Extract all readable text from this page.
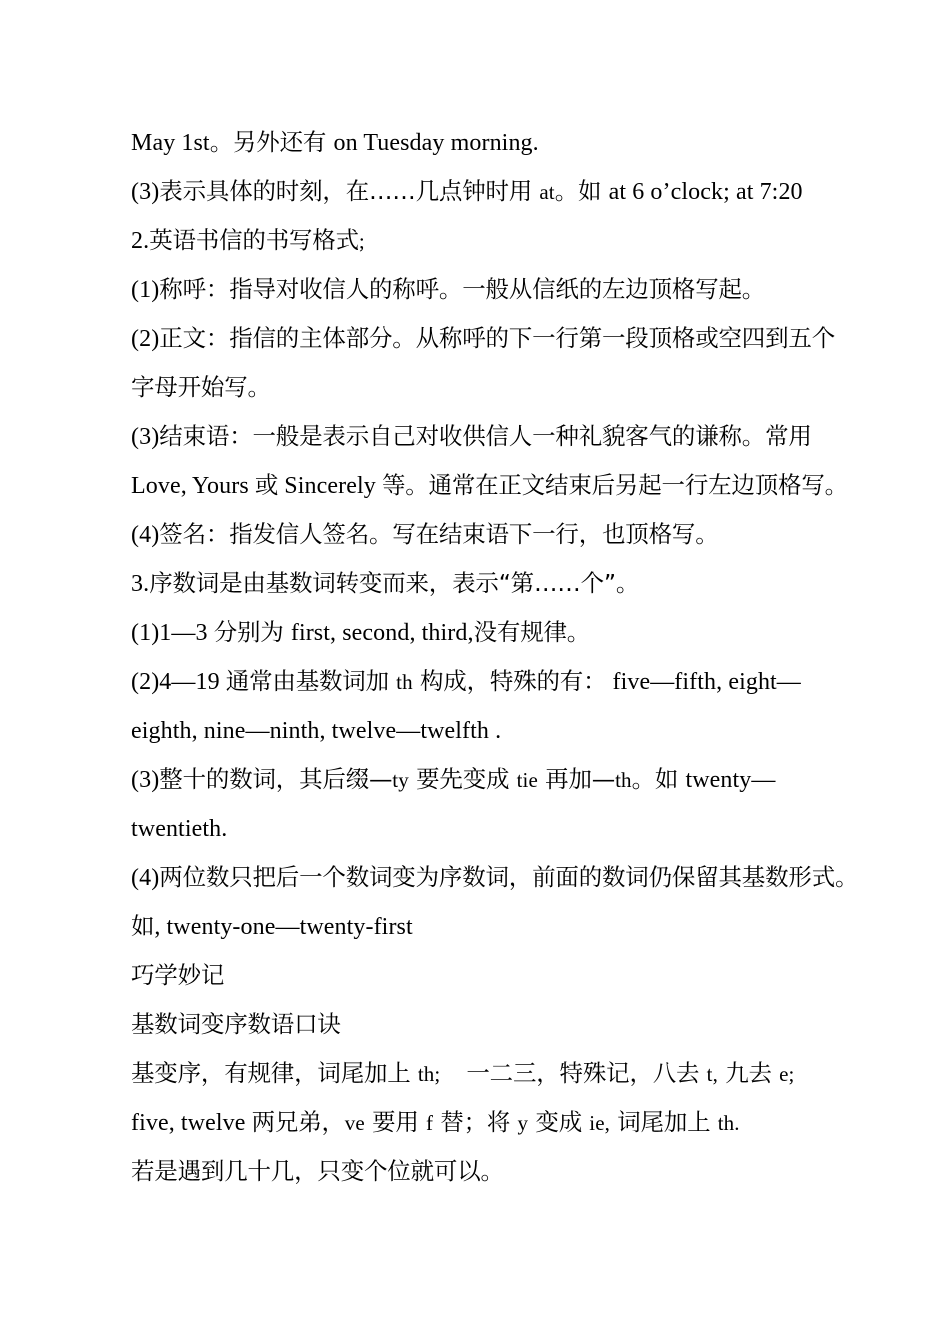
May 1st。另外还有 on Tuesday morning.
(3)表示具体的时刻，在……几点钟时用 at。如 at 6 o’clock; at 7:20
2.英语书信的书写格式;
(1)称呼：指导对收信人的称呼。一般从信纸的左边顶格写起。
(2)正文：指信的主体部分。从称呼的下一行第一段顶格或空四到五个
字母开始写。
(3)结束语：一般是表示自己对收供信人一种礼貌客气的谦称。常用
Love, Yours 或 Sincerely 等。通常在正文结束后另起一行左边顶格写。
(4)签名：指发信人签名。写在结束语下一行，也顶格写。
3.序数词是由基数词转变而来，表示“第……个”。
(1)1—3 分别为 first, second, third,没有规律。
(2)4—19 通常由基数词加 th 构成，特殊的有： five—fifth, eight—
eighth, nine—ninth, twelve—twelfth .
(3)整十的数词，其后缀—ty 要先变成 tie 再加—th。如 twenty—
twentieth.
(4)两位数只把后一个数词变为序数词，前面的数词仍保留其基数形式。
如, twenty-one—twenty-first
巧学妙记
基数词变序数语口诀
基变序，有规律，词尾加上 th; 一二三，特殊记，八去 t, 九去 e;
five, twelve 两兄弟，ve 要用 f 替；将 y 变成 ie, 词尾加上 th.
若是遇到几十几，只变个位就可以。
